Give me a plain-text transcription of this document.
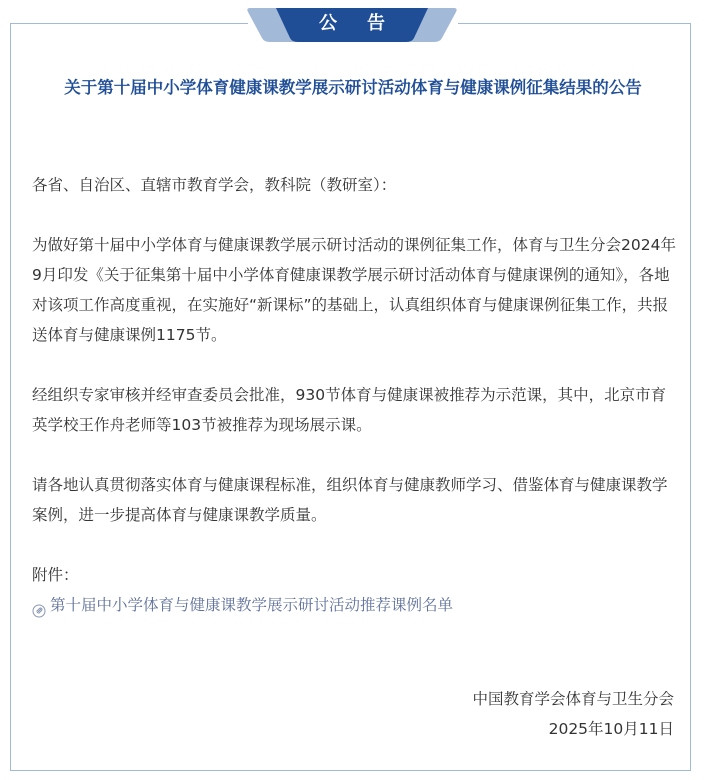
公告
关于第十届中小学体育健康课教学展示研讨活动体育与健康课例征集结果的公告

各省、自治区、直辖市教育学会，教科院（教研室）：

为做好第十届中小学体育与健康课教学展示研讨活动的课例征集工作，体育与卫生分会2024年9月印发《关于征集第十届中小学体育健康课教学展示研讨活动体育与健康课例的通知》，各地对该项工作高度重视，在实施好“新课标”的基础上，认真组织体育与健康课例征集工作，共报送体育与健康课例1175节。

经组织专家审核并经审查委员会批准，930节体育与健康课被推荐为示范课，其中，北京市育英学校王作舟老师等103节被推荐为现场展示课。

请各地认真贯彻落实体育与健康课程标准，组织体育与健康教师学习、借鉴体育与健康课教学案例，进一步提高体育与健康课教学质量。

附件：

第十届中小学体育与健康课教学展示研讨活动推荐课例名单

中国教育学会体育与卫生分会
2025年10月11日
